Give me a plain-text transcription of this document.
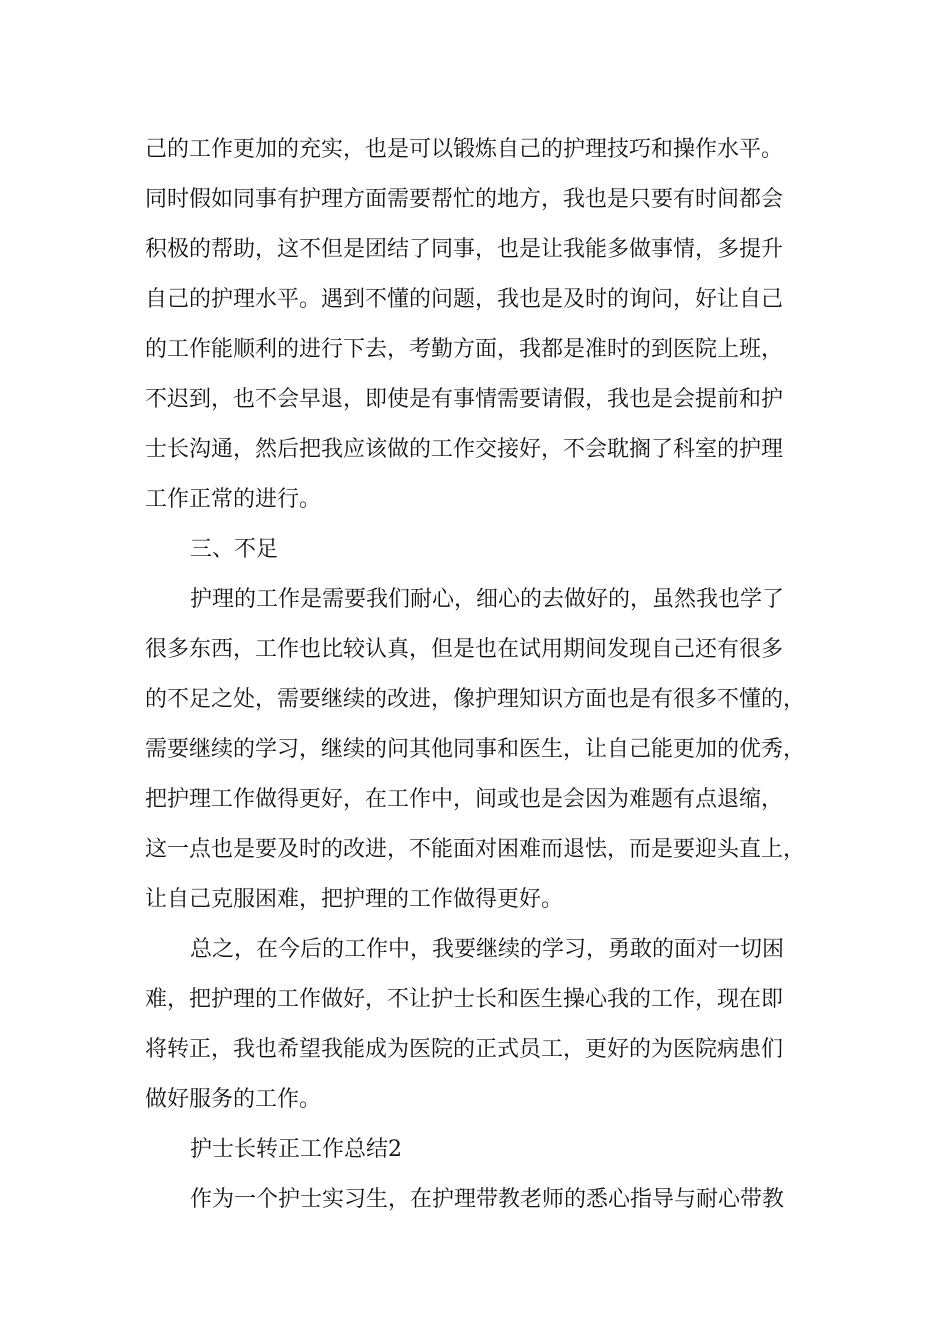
己的工作更加的充实，也是可以锻炼自己的护理技巧和操作水平。
同时假如同事有护理方面需要帮忙的地方，我也是只要有时间都会
积极的帮助，这不但是团结了同事，也是让我能多做事情，多提升
自己的护理水平。遇到不懂的问题，我也是及时的询问，好让自己
的工作能顺利的进行下去，考勤方面，我都是准时的到医院上班，
不迟到，也不会早退，即使是有事情需要请假，我也是会提前和护
士长沟通，然后把我应该做的工作交接好，不会耽搁了科室的护理
工作正常的进行。
三、不足
护理的工作是需要我们耐心，细心的去做好的，虽然我也学了
很多东西，工作也比较认真，但是也在试用期间发现自己还有很多
的不足之处，需要继续的改进，像护理知识方面也是有很多不懂的，
需要继续的学习，继续的问其他同事和医生，让自己能更加的优秀，
把护理工作做得更好，在工作中，间或也是会因为难题有点退缩，
这一点也是要及时的改进，不能面对困难而退怯，而是要迎头直上，
让自己克服困难，把护理的工作做得更好。
总之，在今后的工作中，我要继续的学习，勇敢的面对一切困
难，把护理的工作做好，不让护士长和医生操心我的工作，现在即
将转正，我也希望我能成为医院的正式员工，更好的为医院病患们
做好服务的工作。
护士长转正工作总结2
作为一个护士实习生，在护理带教老师的悉心指导与耐心带教
